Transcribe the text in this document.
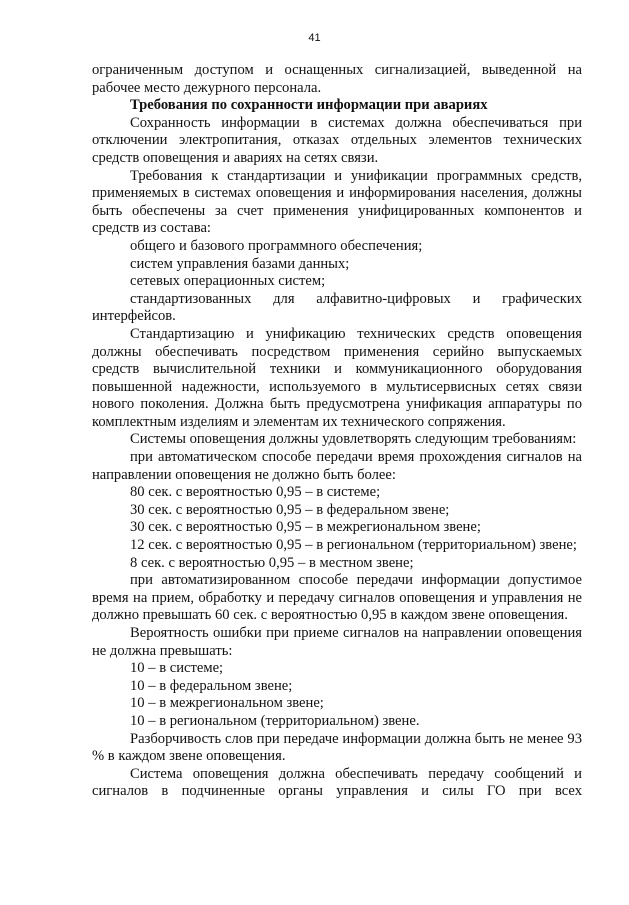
41

ограниченным доступом и оснащенных сигнализацией, выведенной на рабочее место дежурного персонала.

Требования по сохранности информации при авариях

Сохранность информации в системах должна обеспечиваться при отключении электропитания, отказах отдельных элементов технических средств оповещения и авариях на сетях связи.

Требования к стандартизации и унификации программных средств, применяемых в системах оповещения и информирования населения, должны быть обеспечены за счет применения унифицированных компонентов и средств из состава:

общего и базового программного обеспечения;

систем управления базами данных;

сетевых операционных систем;

стандартизованных для алфавитно-цифровых и графических интерфейсов.

Стандартизацию и унификацию технических средств оповещения должны обеспечивать посредством применения серийно выпускаемых средств вычислительной техники и коммуникационного оборудования повышенной надежности, используемого в мультисервисных сетях связи нового поколения. Должна быть предусмотрена унификация аппаратуры по комплектным изделиям и элементам их технического сопряжения.

Системы оповещения должны удовлетворять следующим требованиям:

при автоматическом способе передачи время прохождения сигналов на направлении оповещения не должно быть более:

80 сек. с вероятностью 0,95 – в системе;

30 сек. с вероятностью 0,95 – в федеральном звене;

30 сек. с вероятностью 0,95 – в межрегиональном звене;

12 сек. с вероятностью 0,95 – в региональном (территориальном) звене;

8 сек. с вероятностью 0,95 – в местном звене;

при автоматизированном способе передачи информации допустимое время на прием, обработку и передачу сигналов оповещения и управления не должно превышать 60 сек. с вероятностью 0,95 в каждом звене оповещения.

Вероятность ошибки при приеме сигналов на направлении оповещения не должна превышать:

10 – в системе;

10 – в федеральном звене;

10 – в межрегиональном звене;

10 – в региональном (территориальном) звене.

Разборчивость слов при передаче информации должна быть не менее 93 % в каждом звене оповещения.

Система оповещения должна обеспечивать передачу сообщений и сигналов в подчиненные органы управления и силы ГО при всех
